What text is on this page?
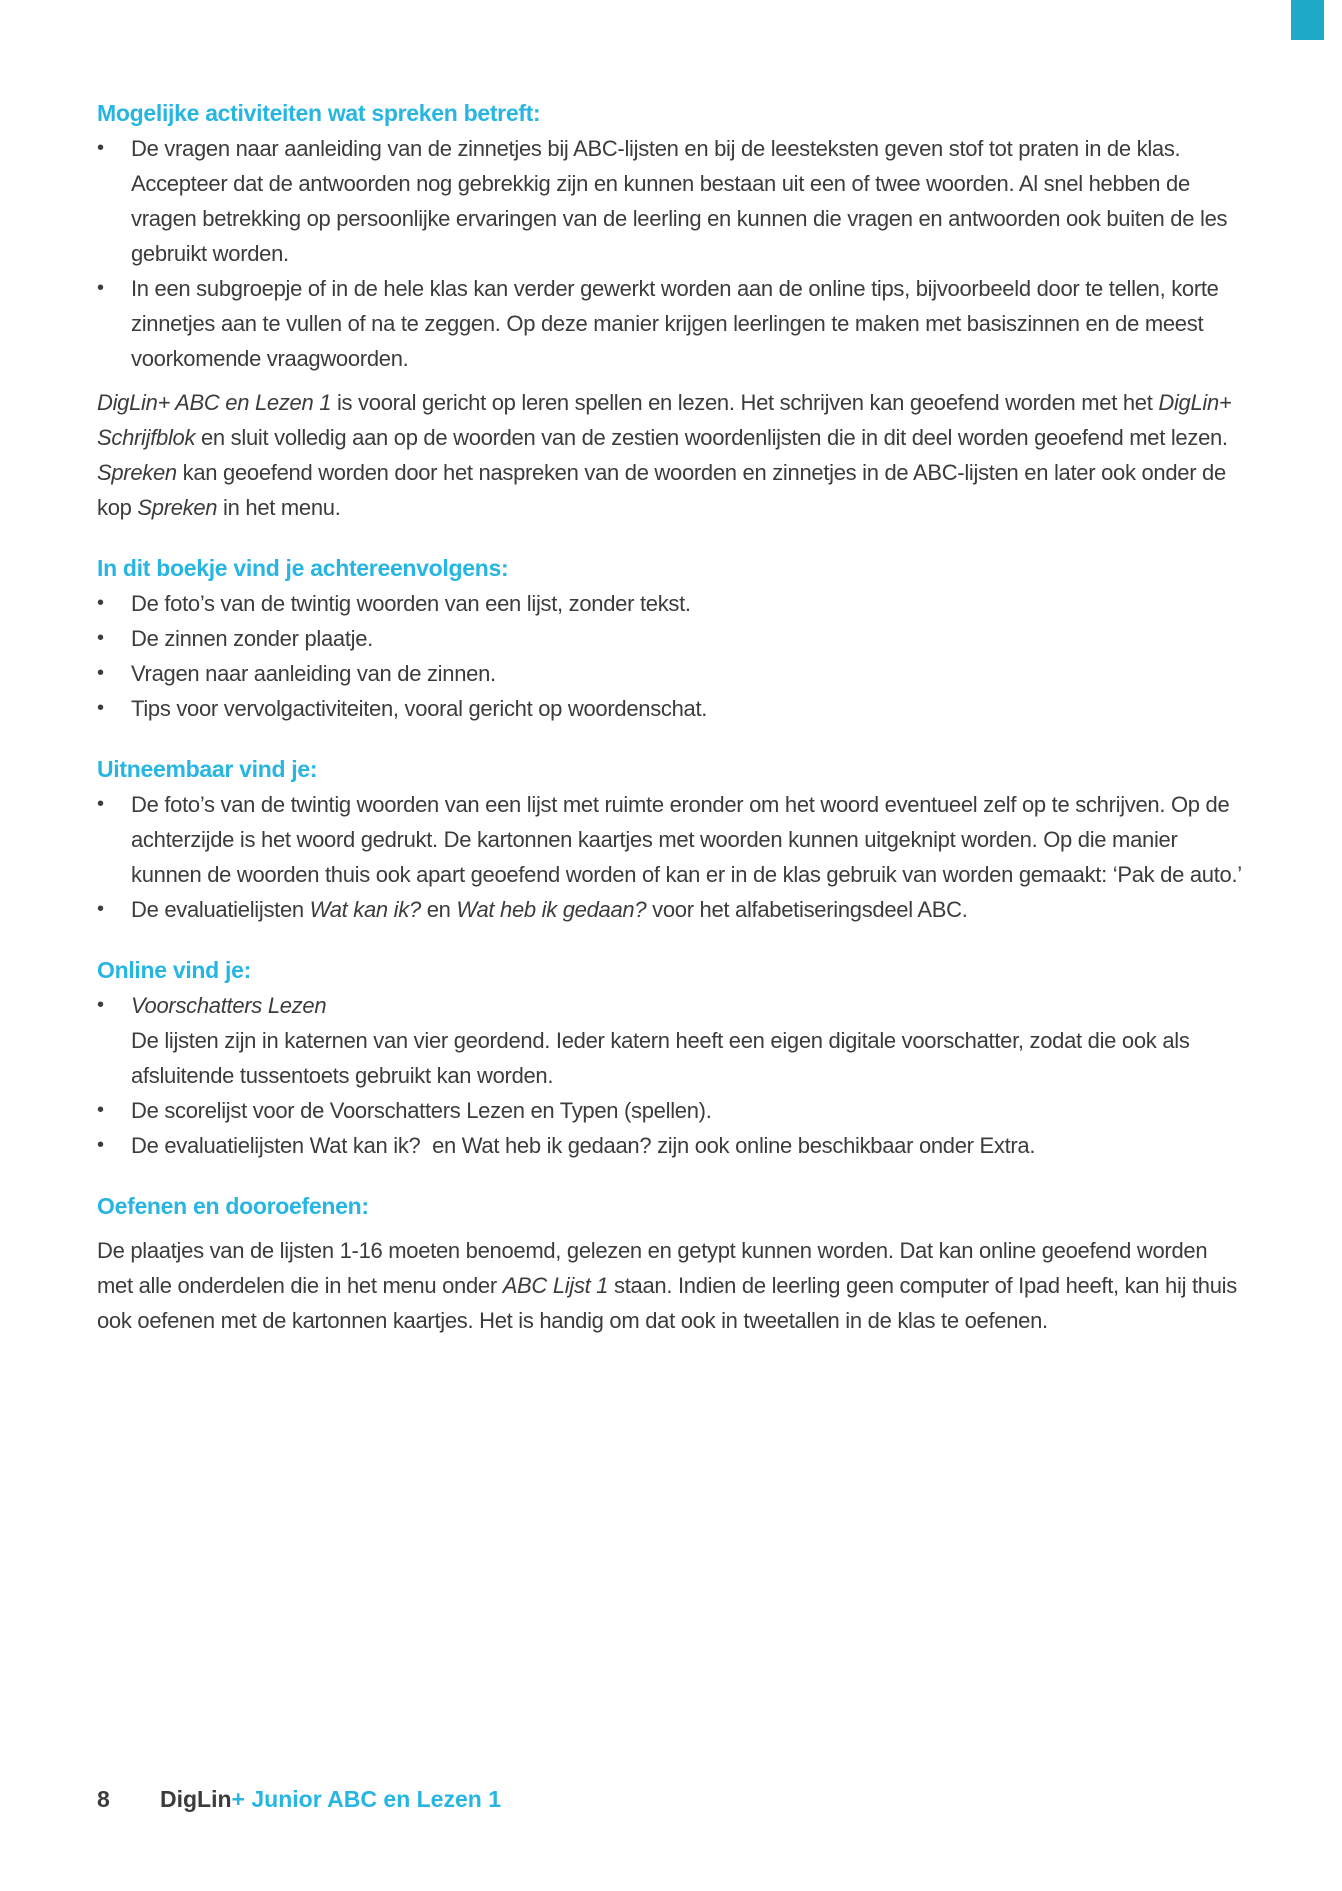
Mogelijke activiteiten wat spreken betreft:
•	De vragen naar aanleiding van de zinnetjes bij ABC-lijsten en bij de leesteksten geven stof tot praten in de klas. Accepteer dat de antwoorden nog gebrekkig zijn en kunnen bestaan uit een of twee woorden. Al snel hebben de vragen betrekking op persoonlijke ervaringen van de leerling en kunnen die vragen en antwoorden ook buiten de les gebruikt worden.
•	In een subgroepje of in de hele klas kan verder gewerkt worden aan de online tips, bijvoorbeeld door te tellen, korte zinnetjes aan te vullen of na te zeggen. Op deze manier krijgen leerlingen te maken met basiszinnen en de meest voorkomende vraagwoorden.

DigLin+ ABC en Lezen 1 is vooral gericht op leren spellen en lezen. Het schrijven kan geoefend worden met het DigLin+ Schrijfblok en sluit volledig aan op de woorden van de zestien woordenlijsten die in dit deel worden geoefend met lezen. Spreken kan geoefend worden door het naspreken van de woorden en zinnetjes in de ABC-lijsten en later ook onder de kop Spreken in het menu.

In dit boekje vind je achtereenvolgens:
•	De foto’s van de twintig woorden van een lijst, zonder tekst.
•	De zinnen zonder plaatje.
•	Vragen naar aanleiding van de zinnen.
•	Tips voor vervolgactiviteiten, vooral gericht op woordenschat.
Uitneembaar vind je:
•	De foto’s van de twintig woorden van een lijst met ruimte eronder om het woord eventueel zelf op te schrijven. Op de achterzijde is het woord gedrukt. De kartonnen kaartjes met woorden kunnen uitgeknipt worden. Op die manier kunnen de woorden thuis ook apart geoefend worden of kan er in de klas gebruik van worden gemaakt: ‘Pak de auto.’
•	De evaluatielijsten Wat kan ik? en Wat heb ik gedaan? voor het alfabetiseringsdeel ABC.
Online vind je:
•	Voorschatters Lezen
De lijsten zijn in katernen van vier geordend. Ieder katern heeft een eigen digitale voorschatter, zodat die ook als afsluitende tussentoets gebruikt kan worden.
•	De scorelijst voor de Voorschatters Lezen en Typen (spellen).
•	De evaluatielijsten Wat kan ik?  en Wat heb ik gedaan? zijn ook online beschikbaar onder Extra.
Oefenen en dooroefenen:

De plaatjes van de lijsten 1-16 moeten benoemd, gelezen en getypt kunnen worden. Dat kan online geoefend worden met alle onderdelen die in het menu onder ABC Lijst 1 staan. Indien de leerling geen computer of Ipad heeft, kan hij thuis ook oefenen met de kartonnen kaartjes. Het is handig om dat ook in tweetallen in de klas te oefenen.

8	DigLin+ Junior ABC en Lezen 1
